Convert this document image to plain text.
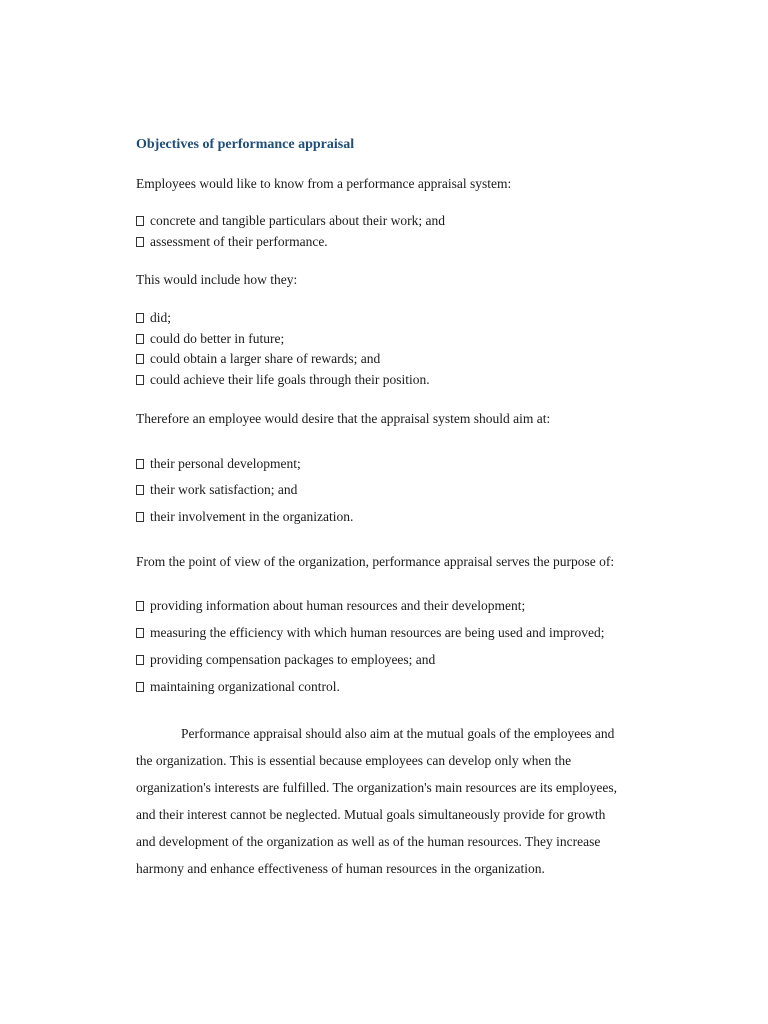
Objectives of performance appraisal
Employees would like to know from a performance appraisal system:
concrete and tangible particulars about their work; and
assessment of their performance.
This would include how they:
did;
could do better in future;
could obtain a larger share of rewards; and
could achieve their life goals through their position.
Therefore an employee would desire that the appraisal system should aim at:
their personal development;
their work satisfaction; and
their involvement in the organization.
From the point of view of the organization, performance appraisal serves the purpose of:
providing information about human resources and their development;
measuring the efficiency with which human resources are being used and improved;
providing compensation packages to employees; and
maintaining organizational control.
Performance appraisal should also aim at the mutual goals of the employees and
the organization. This is essential because employees can develop only when the
organization's interests are fulfilled. The organization's main resources are its employees,
and their interest cannot be neglected. Mutual goals simultaneously provide for growth
and development of the organization as well as of the human resources. They increase
harmony and enhance effectiveness of human resources in the organization.
